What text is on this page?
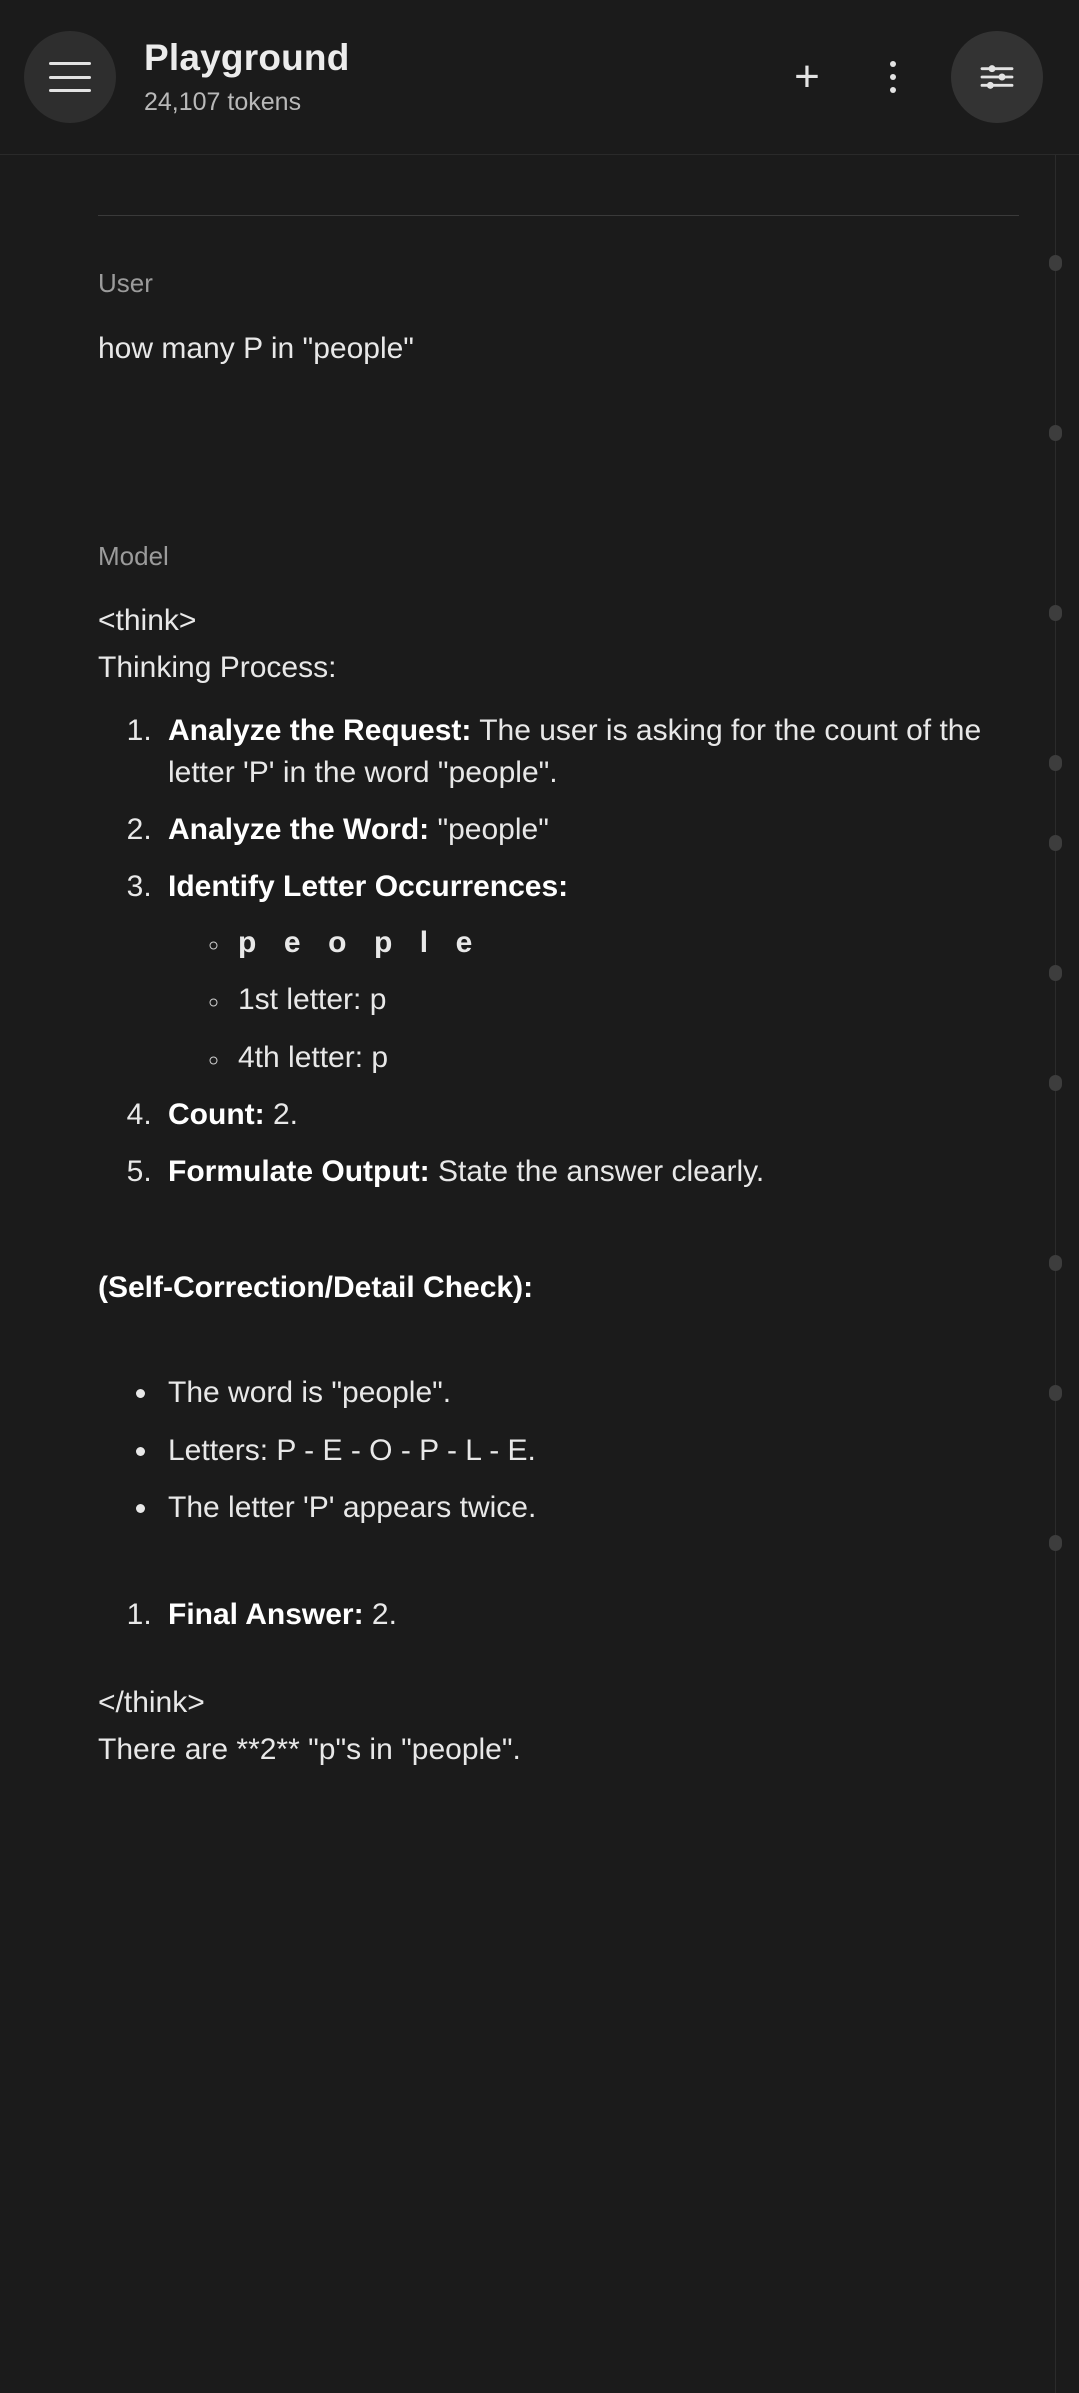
Playground
24,107 tokens
+
User
how many P in "people"
Model
<think>
Thinking Process:
1. Analyze the Request: The user is asking for the count of the letter 'P' in the word "people".
2. Analyze the Word: "people"
3. Identify Letter Occurrences:
◦ p e o p l e
◦ 1st letter: p
◦ 4th letter: p
4. Count: 2.
5. Formulate Output: State the answer clearly.
(Self-Correction/Detail Check):
• The word is "people".
• Letters: P - E - O - P - L - E.
• The letter 'P' appears twice.
1. Final Answer: 2.
</think>
There are **2** "p"s in "people".
